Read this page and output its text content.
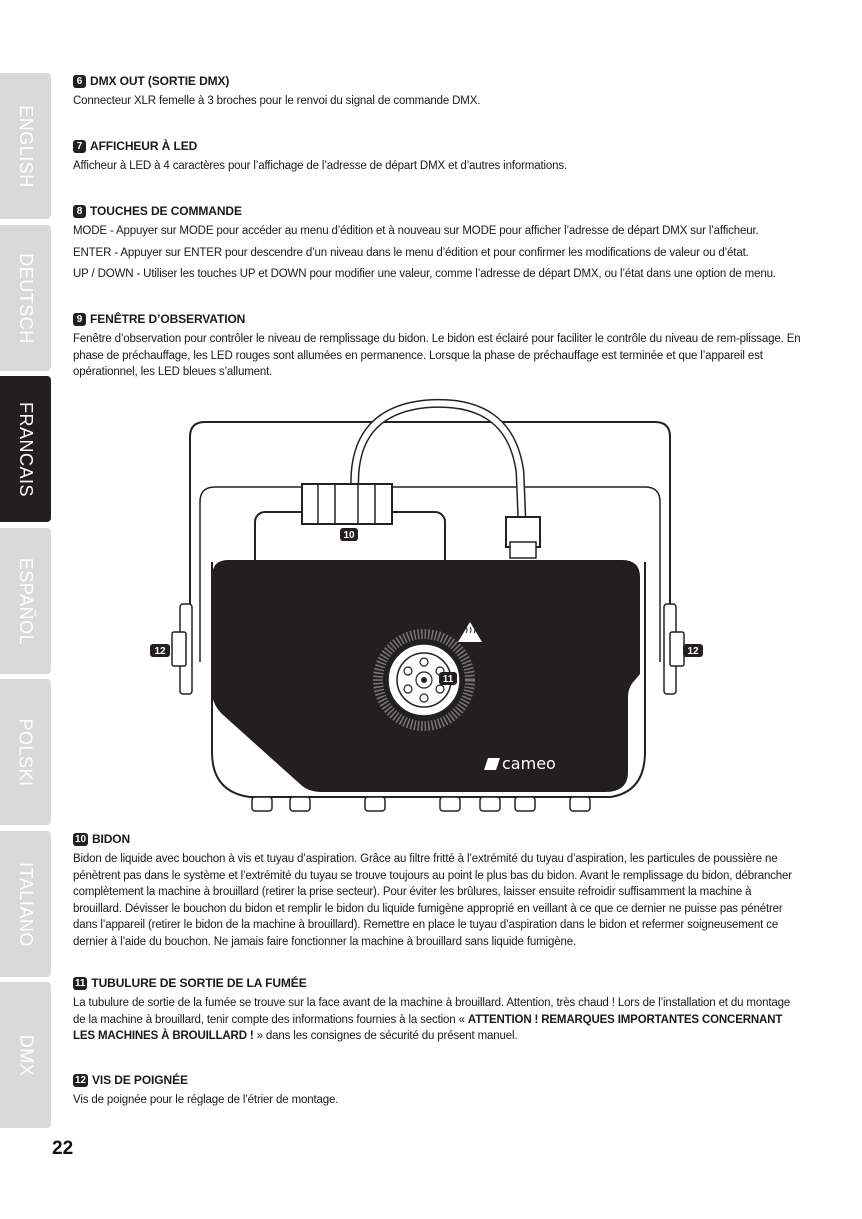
ENGLISH
DEUTSCH
FRANCAIS
ESPAÑOL
POLSKI
ITALIANO
DMX
6 DMX OUT (SORTIE DMX)

Connecteur XLR femelle à 3 broches pour le renvoi du signal de commande DMX.

7 AFFICHEUR À LED

Afficheur à LED à 4 caractères pour l’affichage de l’adresse de départ DMX et d’autres informations.

8 TOUCHES DE COMMANDE

MODE - Appuyer sur MODE pour accéder au menu d’édition et à nouveau sur MODE pour afficher l’adresse de départ DMX sur l’afficheur.

ENTER - Appuyer sur ENTER pour descendre d’un niveau dans le menu d’édition et pour confirmer les modifications de valeur ou d’état.

UP / DOWN - Utiliser les touches UP et DOWN pour modifier une valeur, comme l’adresse de départ DMX, ou l’état dans une option de menu.

9 FENÊTRE D’OBSERVATION

Fenêtre d’observation pour contrôler le niveau de remplissage du bidon. Le bidon est éclairé pour faciliter le contrôle du niveau de rem-plissage. En phase de préchauffage, les LED rouges sont allumées en permanence. Lorsque la phase de préchauffage est terminée et que l’appareil est opérationnel, les LED bleues s’allument.

cameo
10
11
12	12
10 BIDON

Bidon de liquide avec bouchon à vis et tuyau d’aspiration. Grâce au filtre fritté à l’extrémité du tuyau d’aspiration, les particules de poussière ne pénètrent pas dans le système et l’extrémité du tuyau se trouve toujours au point le plus bas du bidon. Avant le remplissage du bidon, débrancher complètement la machine à brouillard (retirer la prise secteur). Pour éviter les brûlures, laisser ensuite refroidir suffisamment la machine à brouillard. Dévisser le bouchon du bidon et remplir le bidon du liquide fumigène approprié en veillant à ce que ce dernier ne puisse pas pénétrer dans l’appareil (retirer le bidon de la machine à brouillard). Remettre en place le tuyau d’aspiration dans le bidon et refermer soigneusement ce dernier à l’aide du bouchon. Ne jamais faire fonctionner la machine à brouillard sans liquide fumigène.

11 TUBULURE DE SORTIE DE LA FUMÉE

La tubulure de sortie de la fumée se trouve sur la face avant de la machine à brouillard. Attention, très chaud ! Lors de l’installation et du montage de la machine à brouillard, tenir compte des informations fournies à la section « ATTENTION ! REMARQUES IMPORTANTES CONCERNANT LES MACHINES À BROUILLARD ! » dans les consignes de sécurité du présent manuel.

12 VIS DE POIGNÉE

Vis de poignée pour le réglage de l’étrier de montage.

22
